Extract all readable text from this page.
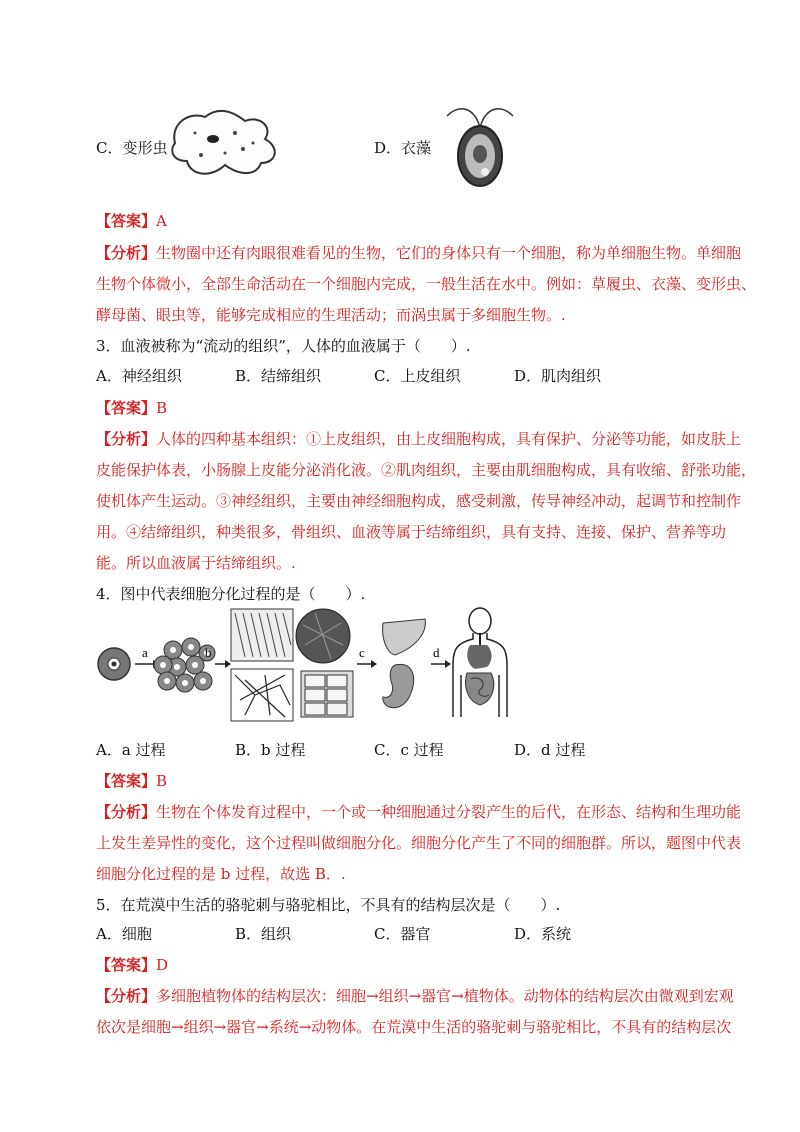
C．变形虫	D．衣藻
【答案】A
【分析】生物圈中还有肉眼很难看见的生物，它们的身体只有一个细胞，称为单细胞生物。单细胞
生物个体微小，全部生命活动在一个细胞内完成，一般生活在水中。例如：草履虫、衣藻、变形虫、
酵母菌、眼虫等，能够完成相应的生理活动；而涡虫属于多细胞生物。.
3．血液被称为“流动的组织”，人体的血液属于（　　）.
A．神经组织	B．结缔组织	C．上皮组织	D．肌肉组织
【答案】B
【分析】人体的四种基本组织：①上皮组织，由上皮细胞构成，具有保护、分泌等功能，如皮肤上
皮能保护体表，小肠腺上皮能分泌消化液。②肌肉组织，主要由肌细胞构成，具有收缩、舒张功能，
使机体产生运动。③神经组织，主要由神经细胞构成，感受刺激，传导神经冲动，起调节和控制作
用。④结缔组织，种类很多，骨组织、血液等属于结缔组织，具有支持、连接、保护、营养等功
能。所以血液属于结缔组织。.
4．图中代表细胞分化过程的是（　　）.
a	b	c	d
A．a 过程	B．b 过程	C．c 过程	D．d 过程
【答案】B
【分析】生物在个体发育过程中，一个或一种细胞通过分裂产生的后代，在形态、结构和生理功能
上发生差异性的变化，这个过程叫做细胞分化。细胞分化产生了不同的细胞群。所以，题图中代表
细胞分化过程的是 b 过程，故选 B．.
5．在荒漠中生活的骆驼刺与骆驼相比，不具有的结构层次是（　　）.
A．细胞	B．组织	C．器官	D．系统
【答案】D
【分析】多细胞植物体的结构层次：细胞→组织→器官→植物体。动物体的结构层次由微观到宏观
依次是细胞→组织→器官→系统→动物体。在荒漠中生活的骆驼刺与骆驼相比，不具有的结构层次
